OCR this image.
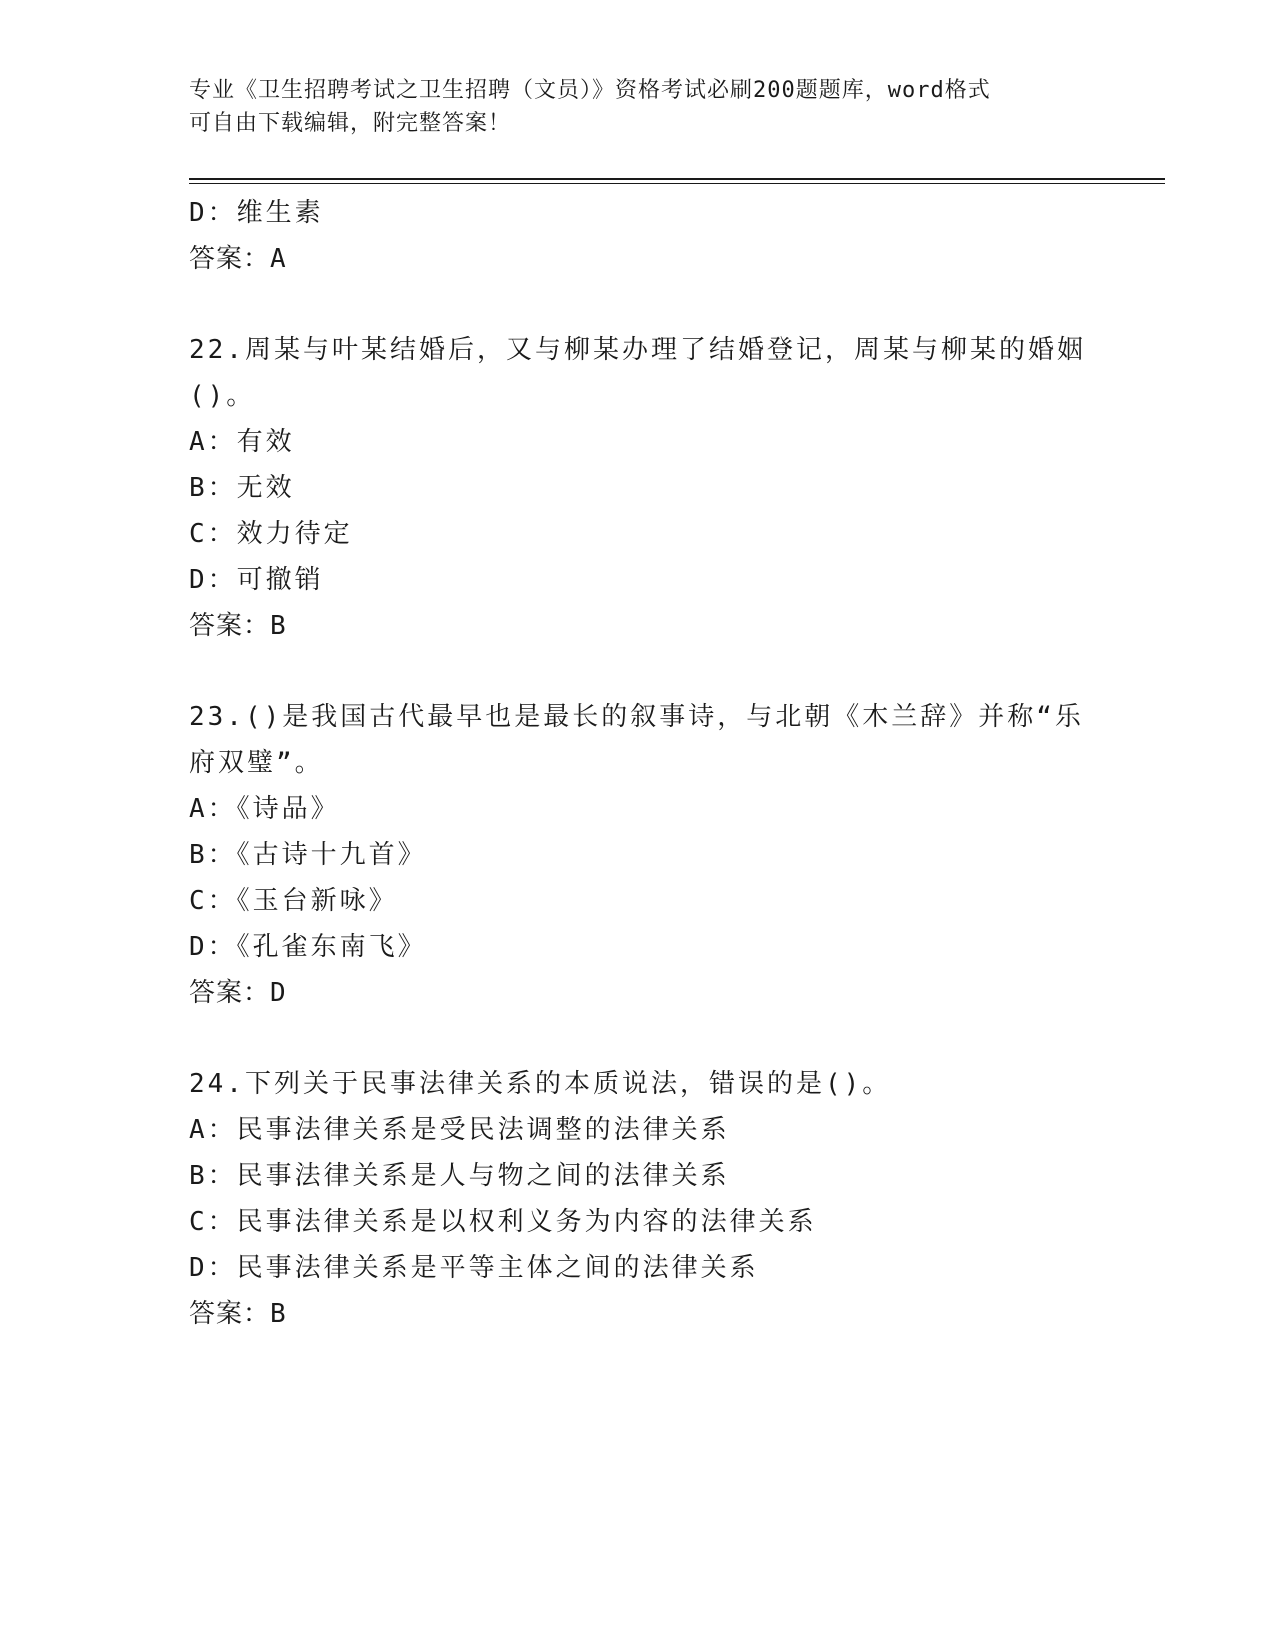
专业《卫生招聘考试之卫生招聘（文员）》资格考试必刷200题题库，word格式
可自由下载编辑，附完整答案！
D：维生素
答案：A
22.周某与叶某结婚后，又与柳某办理了结婚登记，周某与柳某的婚姻
()。
A：有效
B：无效
C：效力待定
D：可撤销
答案：B
23.()是我国古代最早也是最长的叙事诗，与北朝《木兰辞》并称“乐
府双璧”。
A：《诗品》
B：《古诗十九首》
C：《玉台新咏》
D：《孔雀东南飞》
答案：D
24.下列关于民事法律关系的本质说法，错误的是()。
A：民事法律关系是受民法调整的法律关系
B：民事法律关系是人与物之间的法律关系
C：民事法律关系是以权利义务为内容的法律关系
D：民事法律关系是平等主体之间的法律关系
答案：B
